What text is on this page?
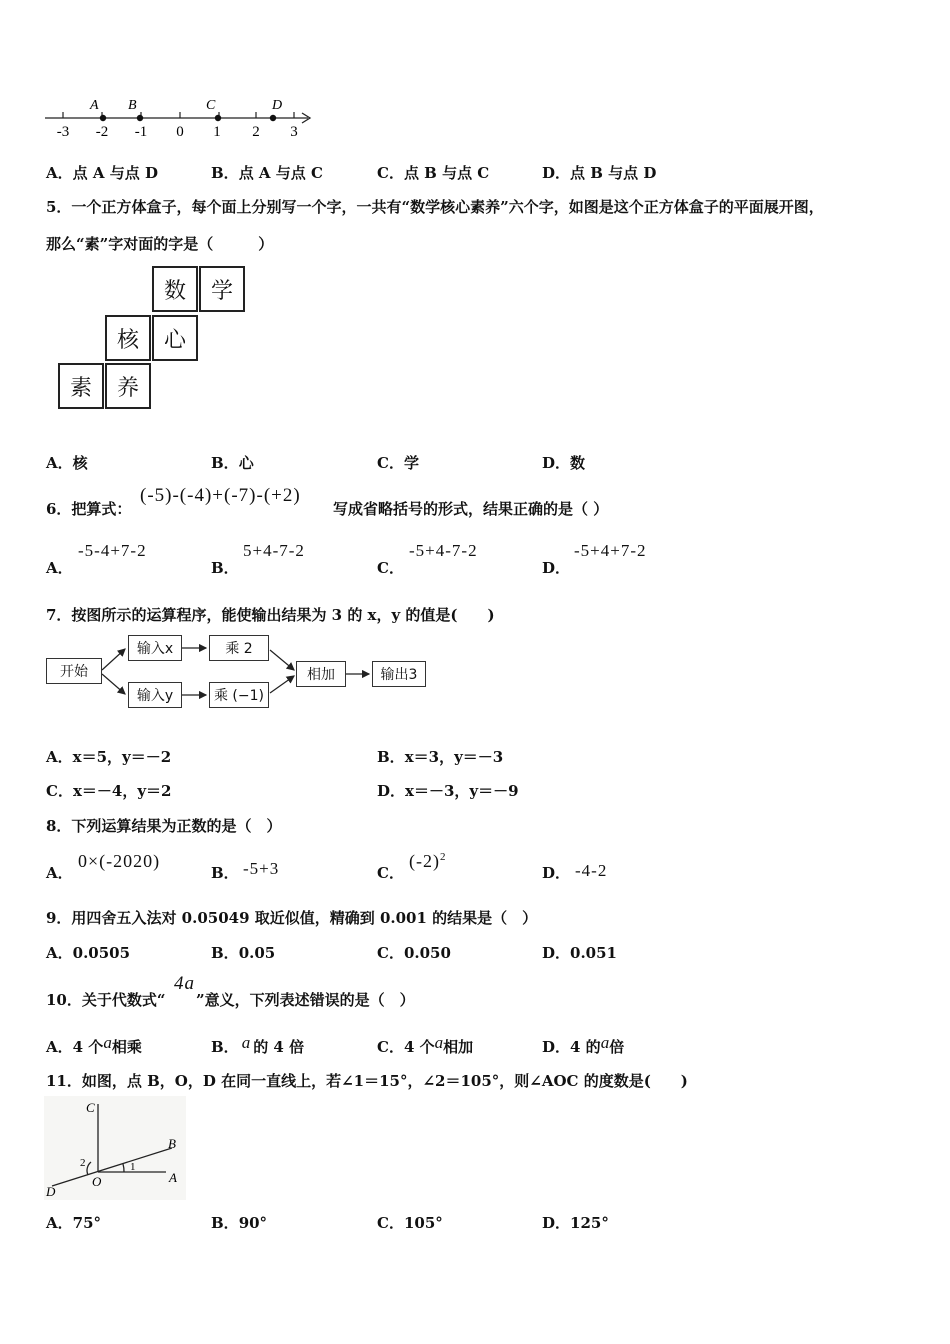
A B	C	D
-3 -2 -1 0 1 2 3
A．点 A 与点 D	B．点 A 与点 C	C．点 B 与点 C	D．点 B 与点 D
5．一个正方体盒子，每个面上分别写一个字，一共有“数学核心素养”六个字，如图是这个正方体盒子的平面展开图，
那么“素”字对面的字是（　　　）
数	学
核	心
素	养
A．核	B．心	C．学	D．数
6．把算式：
(-5)-(-4)+(-7)-(+2)
写成省略括号的形式，结果正确的是（ ）
A．
-5-4+7-2
B．
5+4-7-2
C．
-5+4-7-2
D．
-5+4+7-2
7．按图所示的运算程序，能使输出结果为 3 的 x，y 的值是(　　)
开始
输入x	乘 2
输入y	乘 (−1)
相加	输出3
A．x＝5，y＝－2	B．x＝3，y＝－3
C．x＝－4，y＝2	D．x＝－3，y＝－9
8．下列运算结果为正数的是（　）
A．
0×(-2020)
B． -5+3	C．
$(-2)^2$
D． -4-2
9．用四舍五入法对 0.05049 取近似值，精确到 0.001 的结果是（　）
A．0.0505	B．0.05	C．0.050	D．0.051
10．关于代数式“
4a
”意义，下列表述错误的是（　）
A．4 个a相乘	B． a 的 4 倍	C．4 个a相加	D．4 的a倍
11．如图，点 B，O，D 在同一直线上，若∠1＝15°，∠2＝105°，则∠AOC 的度数是(　　)
C
B
A
O
D
1
2
A．75°	B．90°	C．105°	D．125°
